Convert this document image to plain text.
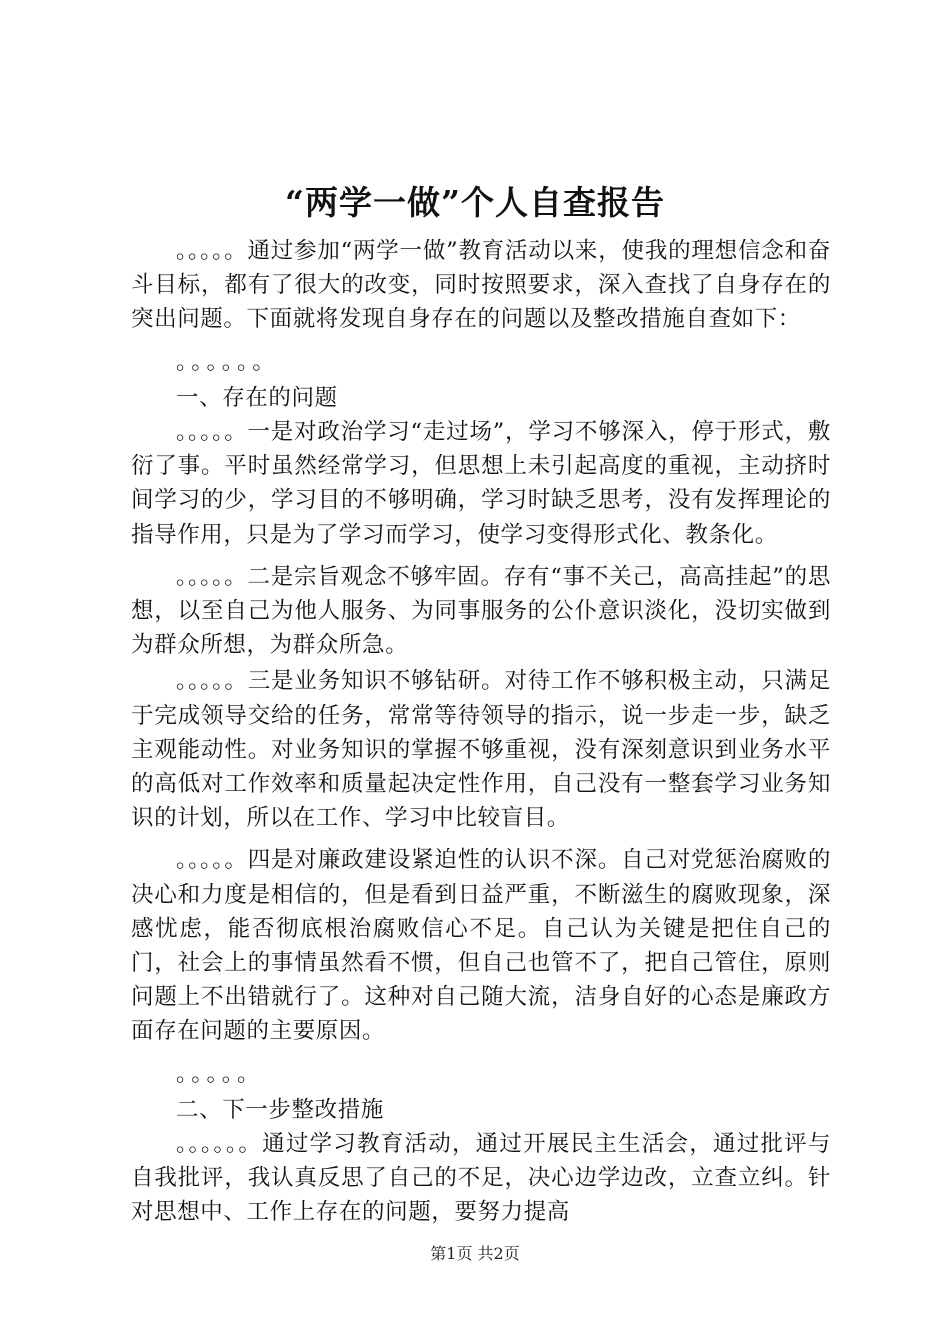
“两学一做”个人自查报告

。。。。。通过参加“两学一做”教育活动以来，使我的理想信念和奋斗目标，都有了很大的改变，同时按照要求，深入查找了自身存在的突出问题。下面就将发现自身存在的问题以及整改措施自查如下：

。。。。。。

一、存在的问题

。。。。。一是对政治学习“走过场”，学习不够深入，停于形式，敷衍了事。平时虽然经常学习，但思想上未引起高度的重视，主动挤时间学习的少，学习目的不够明确，学习时缺乏思考，没有发挥理论的指导作用，只是为了学习而学习，使学习变得形式化、教条化。

。。。。。二是宗旨观念不够牢固。存有“事不关己，高高挂起”的思想，以至自己为他人服务、为同事服务的公仆意识淡化，没切实做到为群众所想，为群众所急。

。。。。。三是业务知识不够钻研。对待工作不够积极主动，只满足于完成领导交给的任务，常常等待领导的指示，说一步走一步，缺乏主观能动性。对业务知识的掌握不够重视，没有深刻意识到业务水平的高低对工作效率和质量起决定性作用，自己没有一整套学习业务知识的计划，所以在工作、学习中比较盲目。

。。。。。四是对廉政建设紧迫性的认识不深。自己对党惩治腐败的决心和力度是相信的，但是看到日益严重，不断滋生的腐败现象，深感忧虑，能否彻底根治腐败信心不足。自己认为关键是把住自己的门，社会上的事情虽然看不惯，但自己也管不了，把自己管住，原则问题上不出错就行了。这种对自己随大流，洁身自好的心态是廉政方面存在问题的主要原因。

。。。。。

二、下一步整改措施

。。。。。。通过学习教育活动，通过开展民主生活会，通过批评与自我批评，我认真反思了自己的不足，决心边学边改，立查立纠。针对思想中、工作上存在的问题，要努力提高

第1页 共2页
